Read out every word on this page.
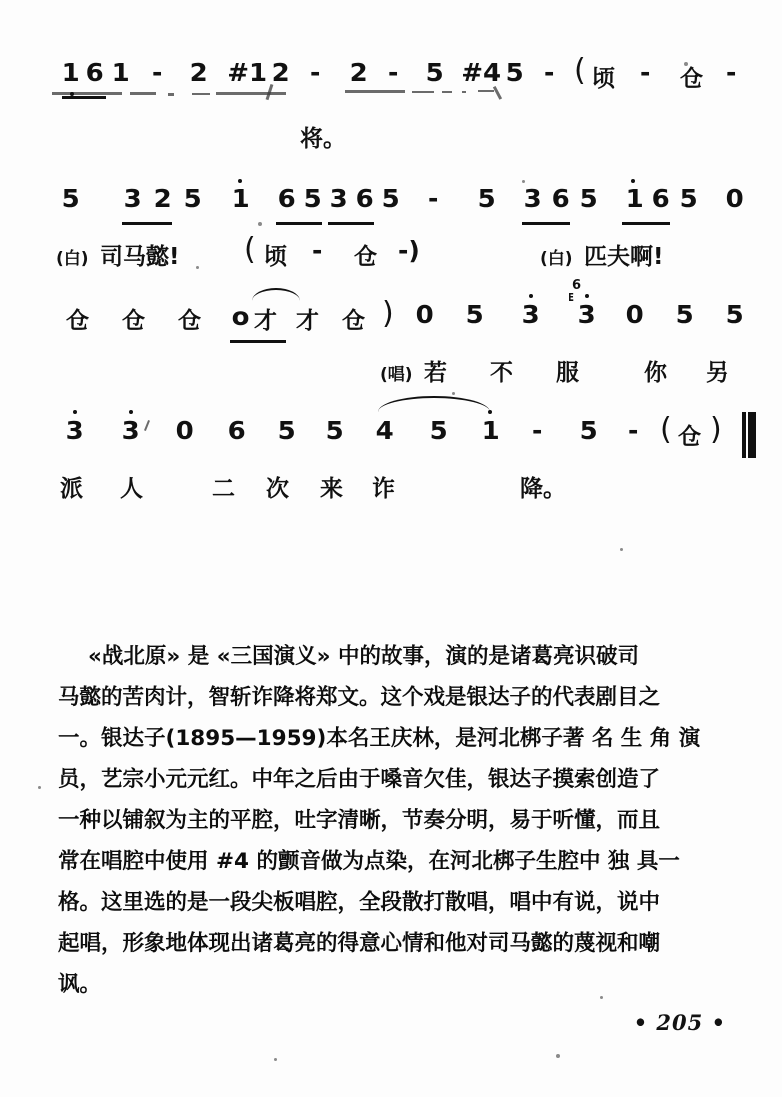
1 6 1 - 2 #1 2 - 2 - 5 #4 5 - ( 顷 - 仓 -
将。
5 3 2 5 1 6 5 3 6 5 - 5 3 6 5 1 6 5 0
(白) 司马懿! ( 顷 - 仓 -)	(白) 匹夫啊!
仓 仓 仓 o 才 才 仓 ) 0 5 3
6
ᴇ
3 0 5 5
(唱) 若 不 服	你 另
3 3 0 6 5 5 4 5 1 - 5 - ( 仓 )
派 人	二 次 来 诈	降。

«战北原» 是 «三国演义» 中的故事，演的是诸葛亮识破司
马懿的苦肉计，智斩诈降将郑文。这个戏是银达子的代表剧目之
一。银达子(1895—1959)本名王庆林，是河北梆子著 名 生 角 演
员，艺宗小元元红。中年之后由于嗓音欠佳，银达子摸索创造了
一种以铺叙为主的平腔，吐字清晰，节奏分明，易于听懂，而且
常在唱腔中使用 #4 的颤音做为点染，在河北梆子生腔中 独 具一
格。这里选的是一段尖板唱腔，全段散打散唱，唱中有说，说中
起唱，形象地体现出诸葛亮的得意心情和他对司马懿的蔑视和嘲
讽。

• 205 •
